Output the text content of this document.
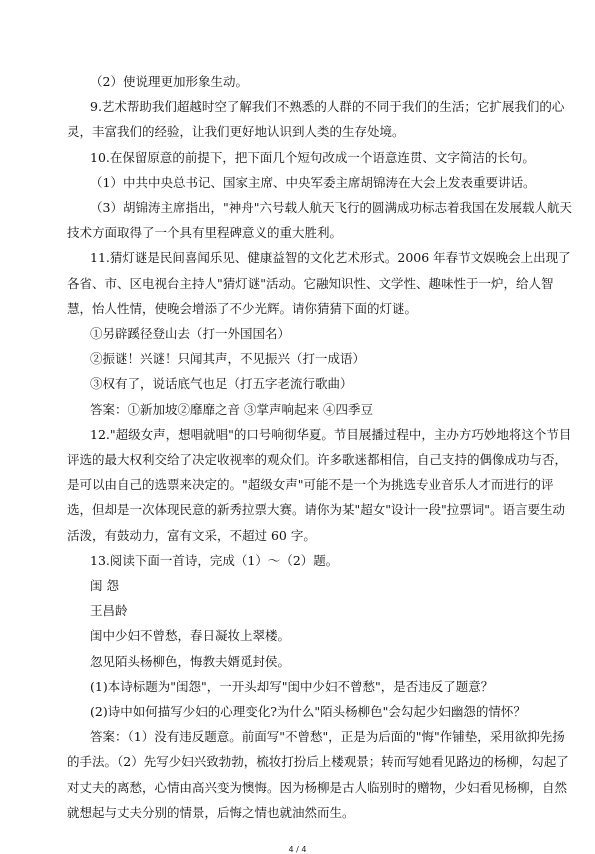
（2）使说理更加形象生动。
9.艺术帮助我们超越时空了解我们不熟悉的人群的不同于我们的生活；它扩展我们的心
灵，丰富我们的经验，让我们更好地认识到人类的生存处境。
10.在保留原意的前提下，把下面几个短句改成一个语意连贯、文字简洁的长句。
（1）中共中央总书记、国家主席、中央军委主席胡锦涛在大会上发表重要讲话。
（3）胡锦涛主席指出，"神舟"六号载人航天飞行的圆满成功标志着我国在发展载人航天
技术方面取得了一个具有里程碑意义的重大胜利。
11.猜灯谜是民间喜闻乐见、健康益智的文化艺术形式。2006 年春节文娱晚会上出现了
各省、市、区电视台主持人"猜灯谜"活动。它融知识性、文学性、趣味性于一炉，给人智
慧，怡人性情，使晚会增添了不少光辉。请你猜猜下面的灯谜。
①另辟蹊径登山去（打一外国国名）
②振谜！兴谜！只闻其声，不见振兴（打一成语）
③权有了，说话底气也足（打五字老流行歌曲）
答案：①新加坡②靡靡之音 ③掌声响起来 ④四季豆
12."超级女声，想唱就唱"的口号响彻华夏。节目展播过程中，主办方巧妙地将这个节目
评选的最大权利交给了决定收视率的观众们。许多歌迷都相信，自己支持的偶像成功与否，
是可以由自己的选票来决定的。"超级女声"可能不是一个为挑选专业音乐人才而进行的评
选，但却是一次体现民意的新秀拉票大赛。请你为某"超女"设计一段"拉票词"。语言要生动
活泼，有鼓动力，富有文采，不超过 60 字。
13.阅读下面一首诗，完成（1）～（2）题。
闺 怨
王昌龄
闺中少妇不曾愁，春日凝妆上翠楼。
忽见陌头杨柳色，悔教夫婿觅封侯。
(1)本诗标题为"闺怨"，一开头却写"闺中少妇不曾愁"，是否违反了题意？
(2)诗中如何描写少妇的心理变化?为什么"陌头杨柳色"会勾起少妇幽怨的情怀？
答案：（1）没有违反题意。前面写"不曾愁"，正是为后面的"悔"作铺垫，采用欲抑先扬
的手法。（2）先写少妇兴致勃勃，梳妆打扮后上楼观景；转而写她看见路边的杨柳，勾起了
对丈夫的离愁，心情由高兴变为懊悔。因为杨柳是古人临别时的赠物，少妇看见杨柳，自然
就想起与丈夫分别的情景，后悔之情也就油然而生。
4 / 4
